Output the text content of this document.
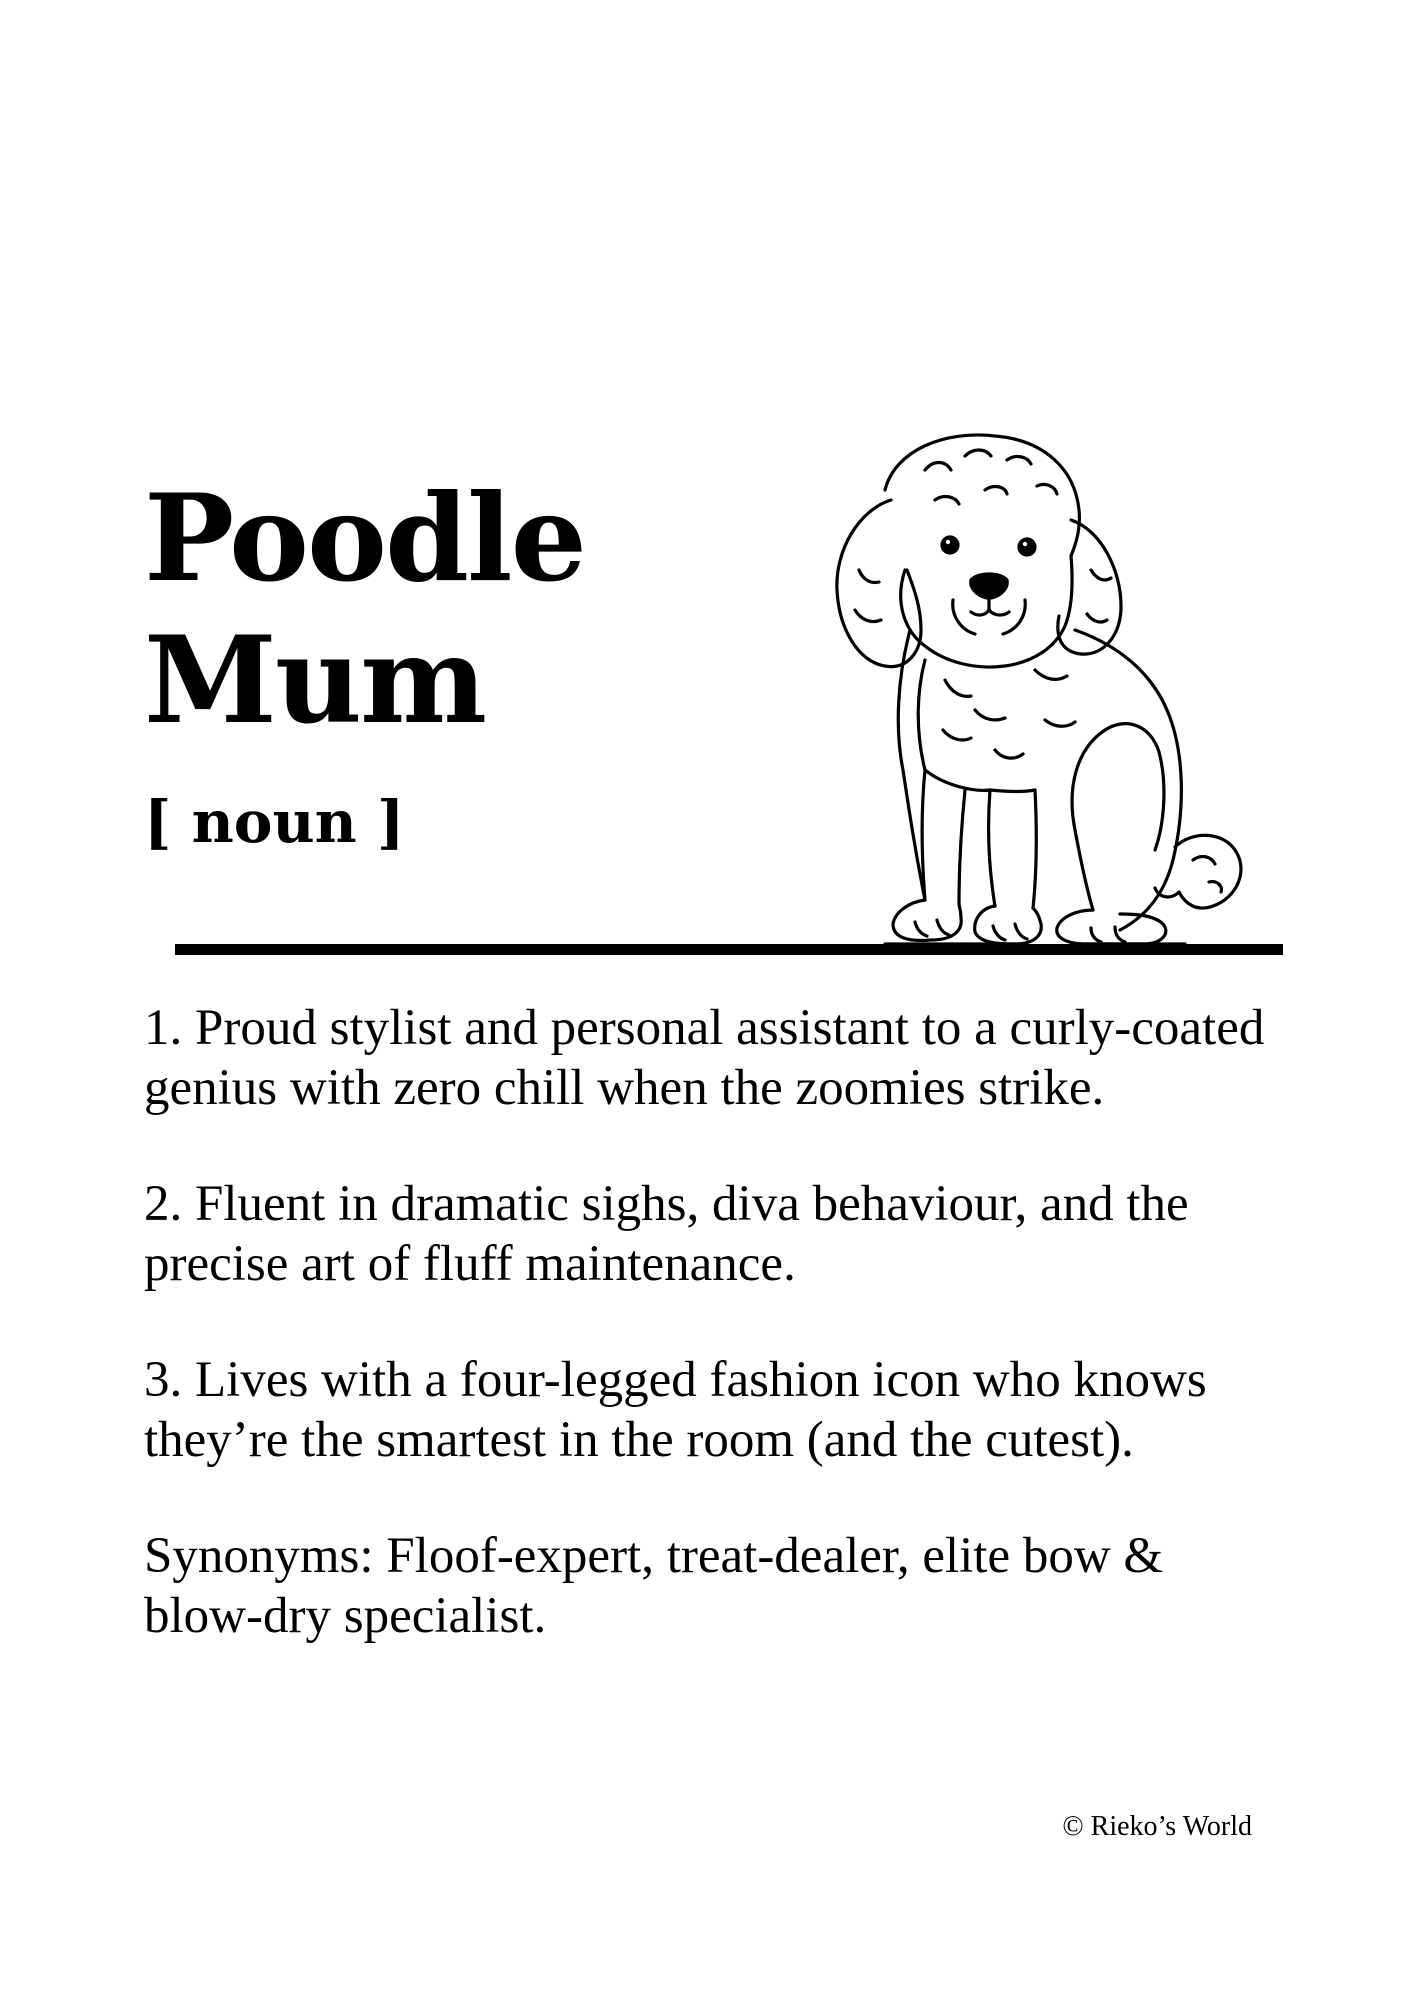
Poodle
Mum
[ noun ]

1. Proud stylist and personal assistant to a curly-coated genius with zero chill when the zoomies strike.

2. Fluent in dramatic sighs, diva behaviour, and the precise art of fluff maintenance.

3. Lives with a four-legged fashion icon who knows they’re the smartest in the room (and the cutest).

Synonyms: Floof-expert, treat-dealer, elite bow & blow-dry specialist.

© Rieko’s World
